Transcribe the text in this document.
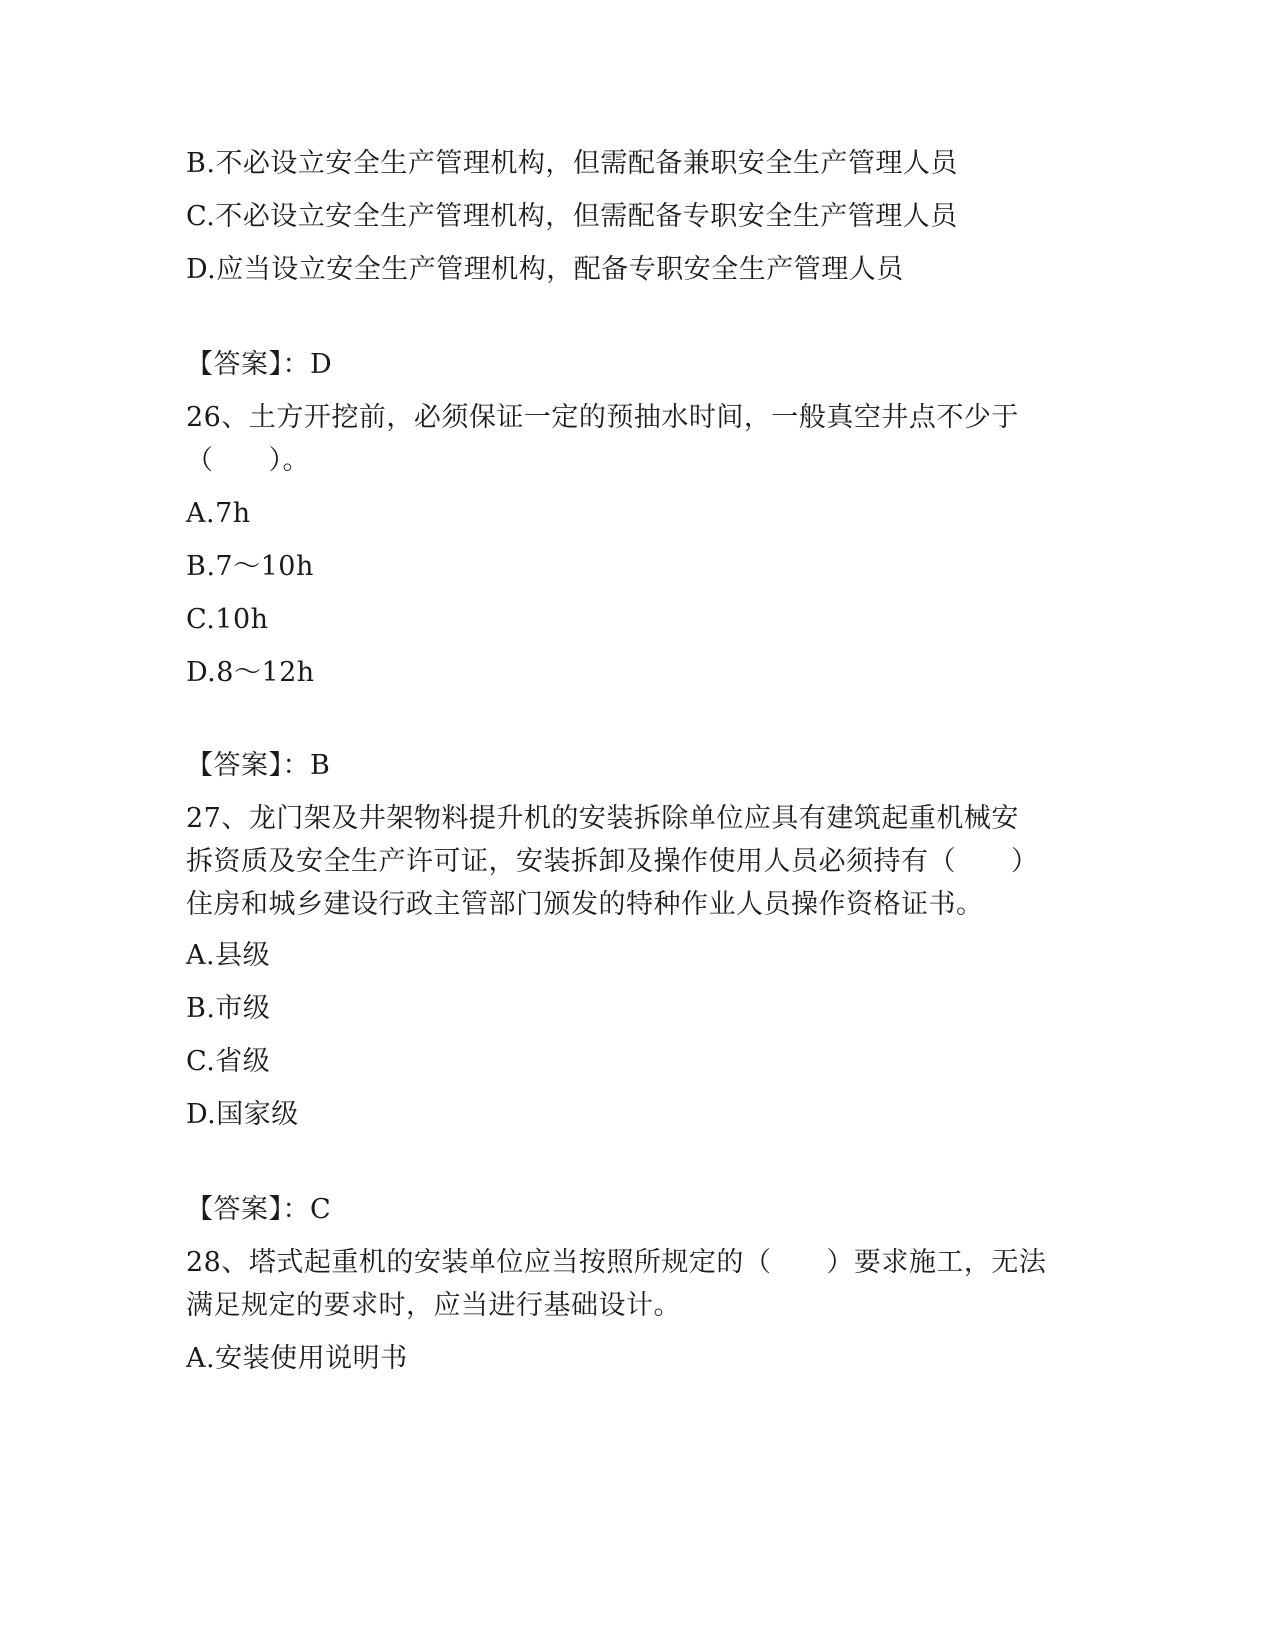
B.不必设立安全生产管理机构，但需配备兼职安全生产管理人员
C.不必设立安全生产管理机构，但需配备专职安全生产管理人员
D.应当设立安全生产管理机构，配备专职安全生产管理人员
【答案】：D
26、土方开挖前，必须保证一定的预抽水时间，一般真空井点不少于
（　　）。
A.7h
B.7～10h
C.10h
D.8～12h
【答案】：B
27、龙门架及井架物料提升机的安装拆除单位应具有建筑起重机械安
拆资质及安全生产许可证，安装拆卸及操作使用人员必须持有（　　）
住房和城乡建设行政主管部门颁发的特种作业人员操作资格证书。
A.县级
B.市级
C.省级
D.国家级
【答案】：C
28、塔式起重机的安装单位应当按照所规定的（　　）要求施工，无法
满足规定的要求时，应当进行基础设计。
A.安装使用说明书
